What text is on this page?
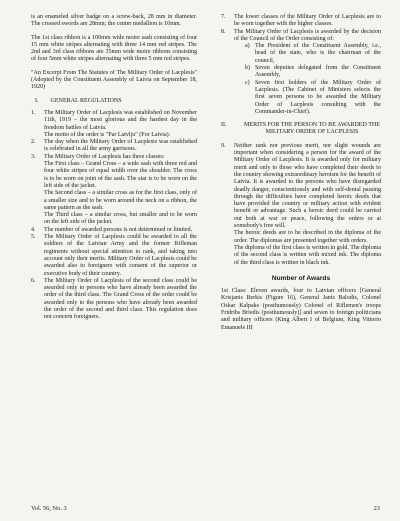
is an enameled silver badge on a screw-back, 28 mm in diameter. The crossed swords are 28mm; the center medallion is 10mm.

The 1st class ribbon is a 100mm wide moire sash consisting of four 15 mm white stripes alternating with three 14 mm red stripes. The 2nd and 3rd class ribbons are 35mm wide moire ribbons consisting of four 5mm white stripes alternating with three 5 mm red stripes.

"An Excerpt From The Statutes of The Military Order of Lacplesis" (Adopted by the Constituent Assembly of Latvia on September 18, 1920)

I. GENERAL REGULATIONS
1.	The Military Order of Lacplesis was established on November 11th, 1919 – the most glorious and the hardest day in the freedom battles of Latvia.

The motto of the order is "Par Latvlju" (For Latvia).

2.	The day when the Military Order of Lacplesis was established is celebrated in all the army garrisons.

3.	The Military Order of Lacplesis has three classes:

The First class – Grand Cross – a wide sash with three red and four white stripes of equal width over the shoulder. The cross is to be worn on joint of the sash. The star is to be worn on the left side of the jacket.

The Second class – a similar cross as for the first class, only of a smaller size and to be worn around the neck on a ribbon, the same pattern as the sash.

The Third class – a similar cross, but smaller and to be worn on the left side of the jacket.

4.	The number of awarded persons is not determined or limited.

5.	The Military Order of Lacplesis could be awarded to all the soldiers of the Latvian Army and the former Rifleman regiments without special attention to rank, and taking into account only their merits. Military Order of Lacplesis could be awarded also to foreigners with consent of the superior or executive body of their country.

6.	The Military Order of Lacplesis of the second class could be awarded only to persons who have already been awarded the order of the third class. The Grand Cross of the order could be awarded only to the persons who have already been awarded the order of the second and third class. This regulation does not concern foreigners.

7.	The lower classes of the Military Order of Lacplesis are to be worn together with the higher classes.

8.	The Military Order of Lacplesis is awarded by the decision of the Council of the Order consisting of:

a) The President of the Constituent Assembly, i.e., head of the state, who is the chairman of the council,
b) Seven deputies delegated from the Constituent Assembly,
c) Seven first holders of the Military Order of Lacplesis. (The Cabinet of Ministers selects the first seven persons to be awarded the Military Order of Lacplesis consulting with the Commander-in-Chief).
II.	MERITS FOR THE PERSON TO BE AWARDED THE MILITARY ORDER OF LACPLESIS
9.	Neither rank nor previous merit, nor slight wounds are important when considering a person for the award of the Military Order of Lacplesis. It is awarded only for military merit and only to those who have completed their deeds to the country showing extraordinary heroism for the benefit of Latvia. It is awarded to the persons who have disregarded deadly danger, conscientiously and with self-denial passing through the difficulties have completed heroic deeds that have provided the country or military action with evident benefit or advantage. Such a heroic deed could be carried out both at war or peace, following the orders or at somebody's free will.

The heroic deeds are to be described in the diploma of the order. The diplomas are presented together with orders.

The diploma of the first class is written in gold. The diploma of the second class is written with mixed ink. The diploma of the third class is written in black ink.

Number of Awards

1st Class: Eleven awards, four to Latvian officers [General Krisjanis Berkis (Figure 16), General Janis Balodis, Colonel Oskar Kalpaks (posthumously) Colonel of Riflemen's troops Fridrihs Briedis (posthumously)] and seven to foreign politicians and military officers (King Albert I of Belgium, King Vittorio Emanuele III

Vol. 56, No. 3	23
